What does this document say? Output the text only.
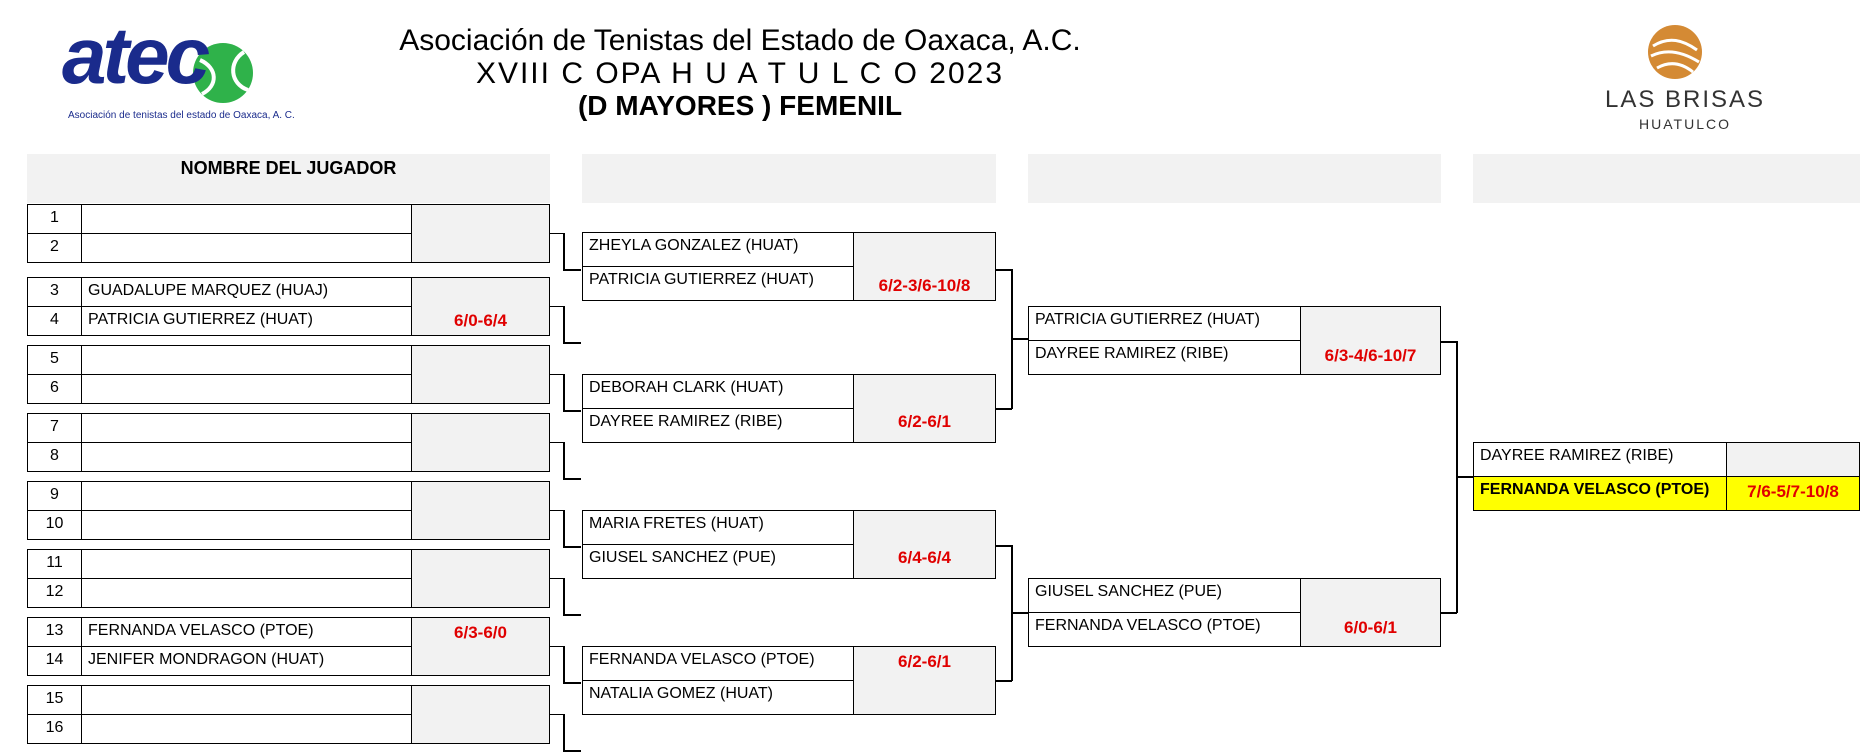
atec
Asociación de tenistas del estado de Oaxaca, A. C.
Asociación de Tenistas del Estado de Oaxaca, A.C.
XVIII C OPA H U A T U L C O 2023
(D MAYORES ) FEMENIL	LAS BRISAS
HUATULCO
NOMBRE DEL JUGADOR
1
2
3	GUADALUPE MARQUEZ (HUAJ)
4	PATRICIA GUTIERREZ (HUAT)	6/0-6/4
5
6
7
8
9
10
11
12
13	FERNANDA VELASCO (PTOE)
14	JENIFER MONDRAGON (HUAT)
6/3-6/0
15
16
ZHEYLA GONZALEZ (HUAT)
PATRICIA GUTIERREZ (HUAT)	6/2-3/6-10/8
DEBORAH CLARK (HUAT)
DAYREE RAMIREZ (RIBE)	6/2-6/1
MARIA FRETES (HUAT)
GIUSEL SANCHEZ (PUE)	6/4-6/4
FERNANDA VELASCO (PTOE)
NATALIA GOMEZ (HUAT)
6/2-6/1
PATRICIA GUTIERREZ (HUAT)
DAYREE RAMIREZ (RIBE)	6/3-4/6-10/7
GIUSEL SANCHEZ (PUE)
FERNANDA VELASCO (PTOE)	6/0-6/1
DAYREE RAMIREZ (RIBE)
FERNANDA VELASCO (PTOE)	7/6-5/7-10/8
